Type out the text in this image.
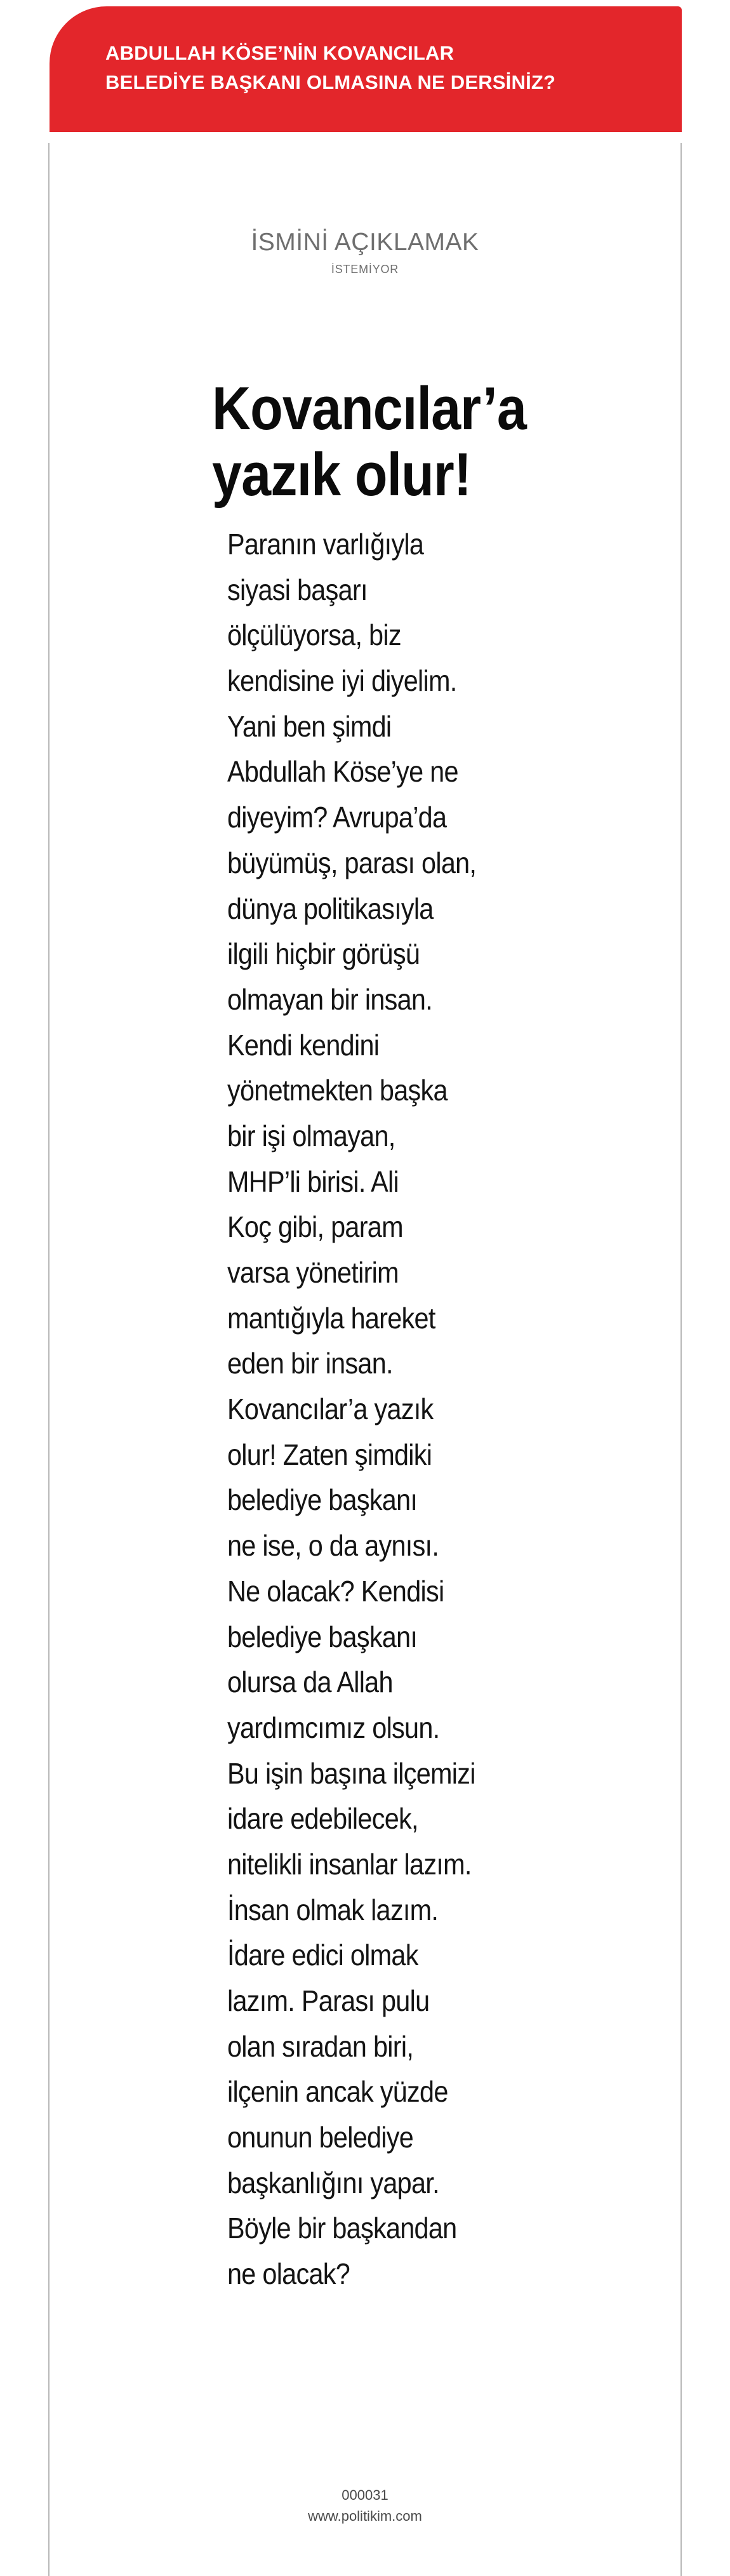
ABDULLAH KÖSE’NİN KOVANCILAR
BELEDİYE BAŞKANI OLMASINA NE DERSİNİZ?
İSMİNİ AÇIKLAMAK
İSTEMİYOR
Kovancılar’a
yazık olur!
Paranın varlığıyla
siyasi başarı
ölçülüyorsa, biz
kendisine iyi diyelim.
Yani ben şimdi
Abdullah Köse’ye ne
diyeyim? Avrupa’da
büyümüş, parası olan,
dünya politikasıyla
ilgili hiçbir görüşü
olmayan bir insan.
Kendi kendini
yönetmekten başka
bir işi olmayan,
MHP’li birisi. Ali
Koç gibi, param
varsa yönetirim
mantığıyla hareket
eden bir insan.
Kovancılar’a yazık
olur! Zaten şimdiki
belediye başkanı
ne ise, o da aynısı.
Ne olacak? Kendisi
belediye başkanı
olursa da Allah
yardımcımız olsun.
Bu işin başına ilçemizi
idare edebilecek,
nitelikli insanlar lazım.
İnsan olmak lazım.
İdare edici olmak
lazım. Parası pulu
olan sıradan biri,
ilçenin ancak yüzde
onunun belediye
başkanlığını yapar.
Böyle bir başkandan
ne olacak?
000031
www.politikim.com
